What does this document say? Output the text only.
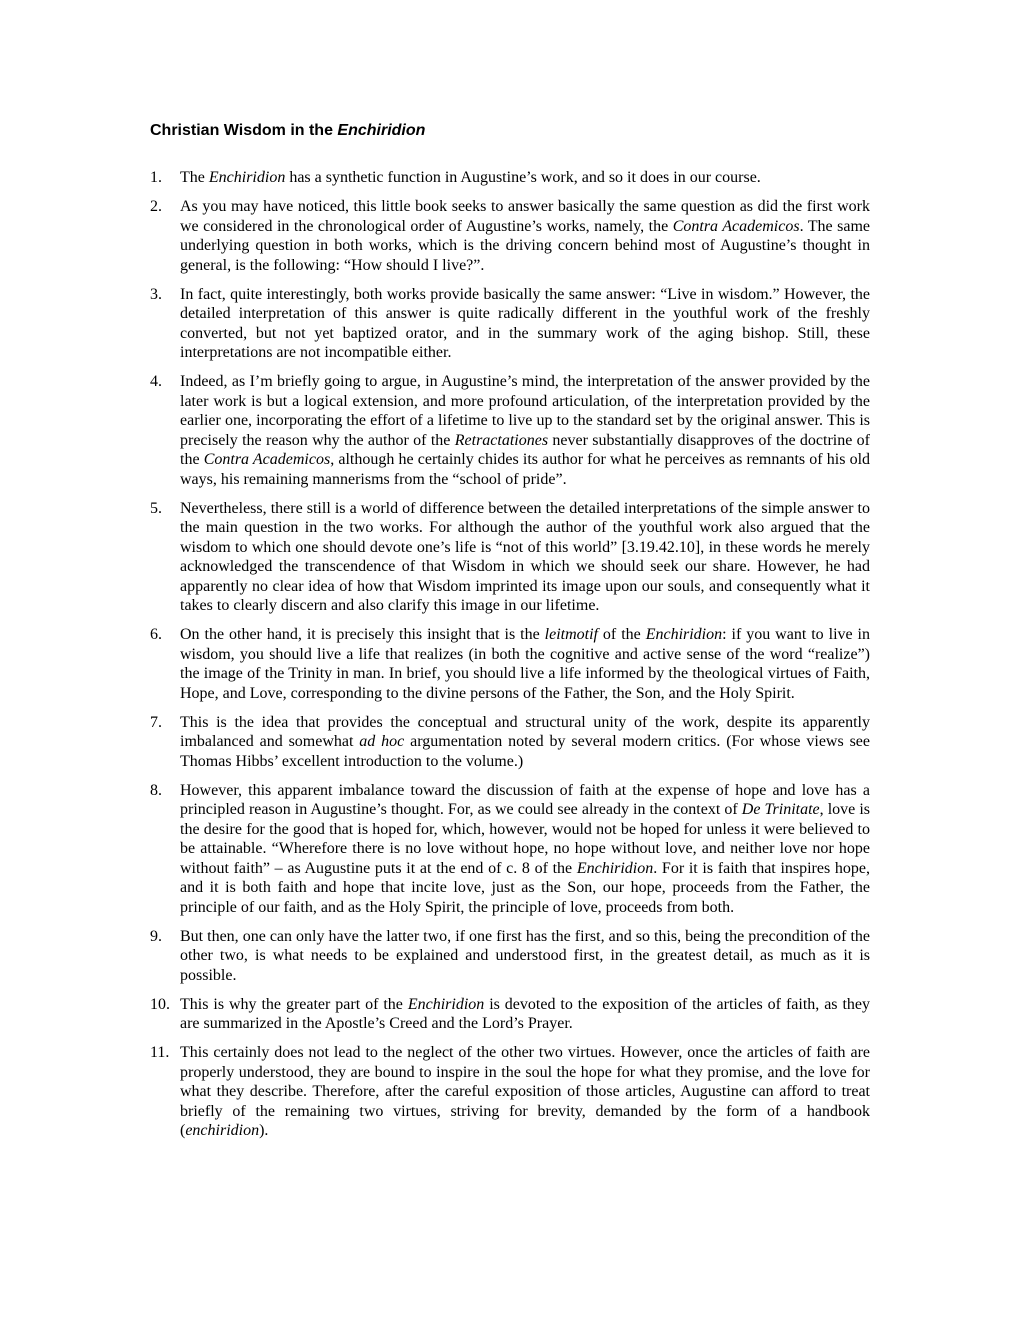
Christian Wisdom in the Enchiridion
1.	The Enchiridion has a synthetic function in Augustine’s work, and so it does in our course.
2.	As you may have noticed, this little book seeks to answer basically the same question as did the first work we considered in the chronological order of Augustine’s works, namely, the Contra Academicos. The same underlying question in both works, which is the driving concern behind most of Augustine’s thought in general, is the following: “How should I live?”.
3.	In fact, quite interestingly, both works provide basically the same answer: “Live in wisdom.” However, the detailed interpretation of this answer is quite radically different in the youthful work of the freshly converted, but not yet baptized orator, and in the summary work of the aging bishop. Still, these interpretations are not incompatible either.
4.	Indeed, as I’m briefly going to argue, in Augustine’s mind, the interpretation of the answer provided by the later work is but a logical extension, and more profound articulation, of the interpretation provided by the earlier one, incorporating the effort of a lifetime to live up to the standard set by the original answer. This is precisely the reason why the author of the Retractationes never substantially disapproves of the doctrine of the Contra Academicos, although he certainly chides its author for what he perceives as remnants of his old ways, his remaining mannerisms from the “school of pride”.
5.	Nevertheless, there still is a world of difference between the detailed interpretations of the simple answer to the main question in the two works. For although the author of the youthful work also argued that the wisdom to which one should devote one’s life is “not of this world” [3.19.42.10], in these words he merely acknowledged the transcendence of that Wisdom in which we should seek our share. However, he had apparently no clear idea of how that Wisdom imprinted its image upon our souls, and consequently what it takes to clearly discern and also clarify this image in our lifetime.
6.	On the other hand, it is precisely this insight that is the leitmotif of the Enchiridion: if you want to live in wisdom, you should live a life that realizes (in both the cognitive and active sense of the word “realize”) the image of the Trinity in man. In brief, you should live a life informed by the theological virtues of Faith, Hope, and Love, corresponding to the divine persons of the Father, the Son, and the Holy Spirit.
7.	This is the idea that provides the conceptual and structural unity of the work, despite its apparently imbalanced and somewhat ad hoc argumentation noted by several modern critics. (For whose views see Thomas Hibbs’ excellent introduction to the volume.)
8.	However, this apparent imbalance toward the discussion of faith at the expense of hope and love has a principled reason in Augustine’s thought. For, as we could see already in the context of De Trinitate, love is the desire for the good that is hoped for, which, however, would not be hoped for unless it were believed to be attainable. “Wherefore there is no love without hope, no hope without love, and neither love nor hope without faith” – as Augustine puts it at the end of c. 8 of the Enchiridion. For it is faith that inspires hope, and it is both faith and hope that incite love, just as the Son, our hope, proceeds from the Father, the principle of our faith, and as the Holy Spirit, the principle of love, proceeds from both.
9.	But then, one can only have the latter two, if one first has the first, and so this, being the precondition of the other two, is what needs to be explained and understood first, in the greatest detail, as much as it is possible.
10. This is why the greater part of the Enchiridion is devoted to the exposition of the articles of faith, as they are summarized in the Apostle’s Creed and the Lord’s Prayer.
11. This certainly does not lead to the neglect of the other two virtues. However, once the articles of faith are properly understood, they are bound to inspire in the soul the hope for what they promise, and the love for what they describe. Therefore, after the careful exposition of those articles, Augustine can afford to treat briefly of the remaining two virtues, striving for brevity, demanded by the form of a handbook (enchiridion).
